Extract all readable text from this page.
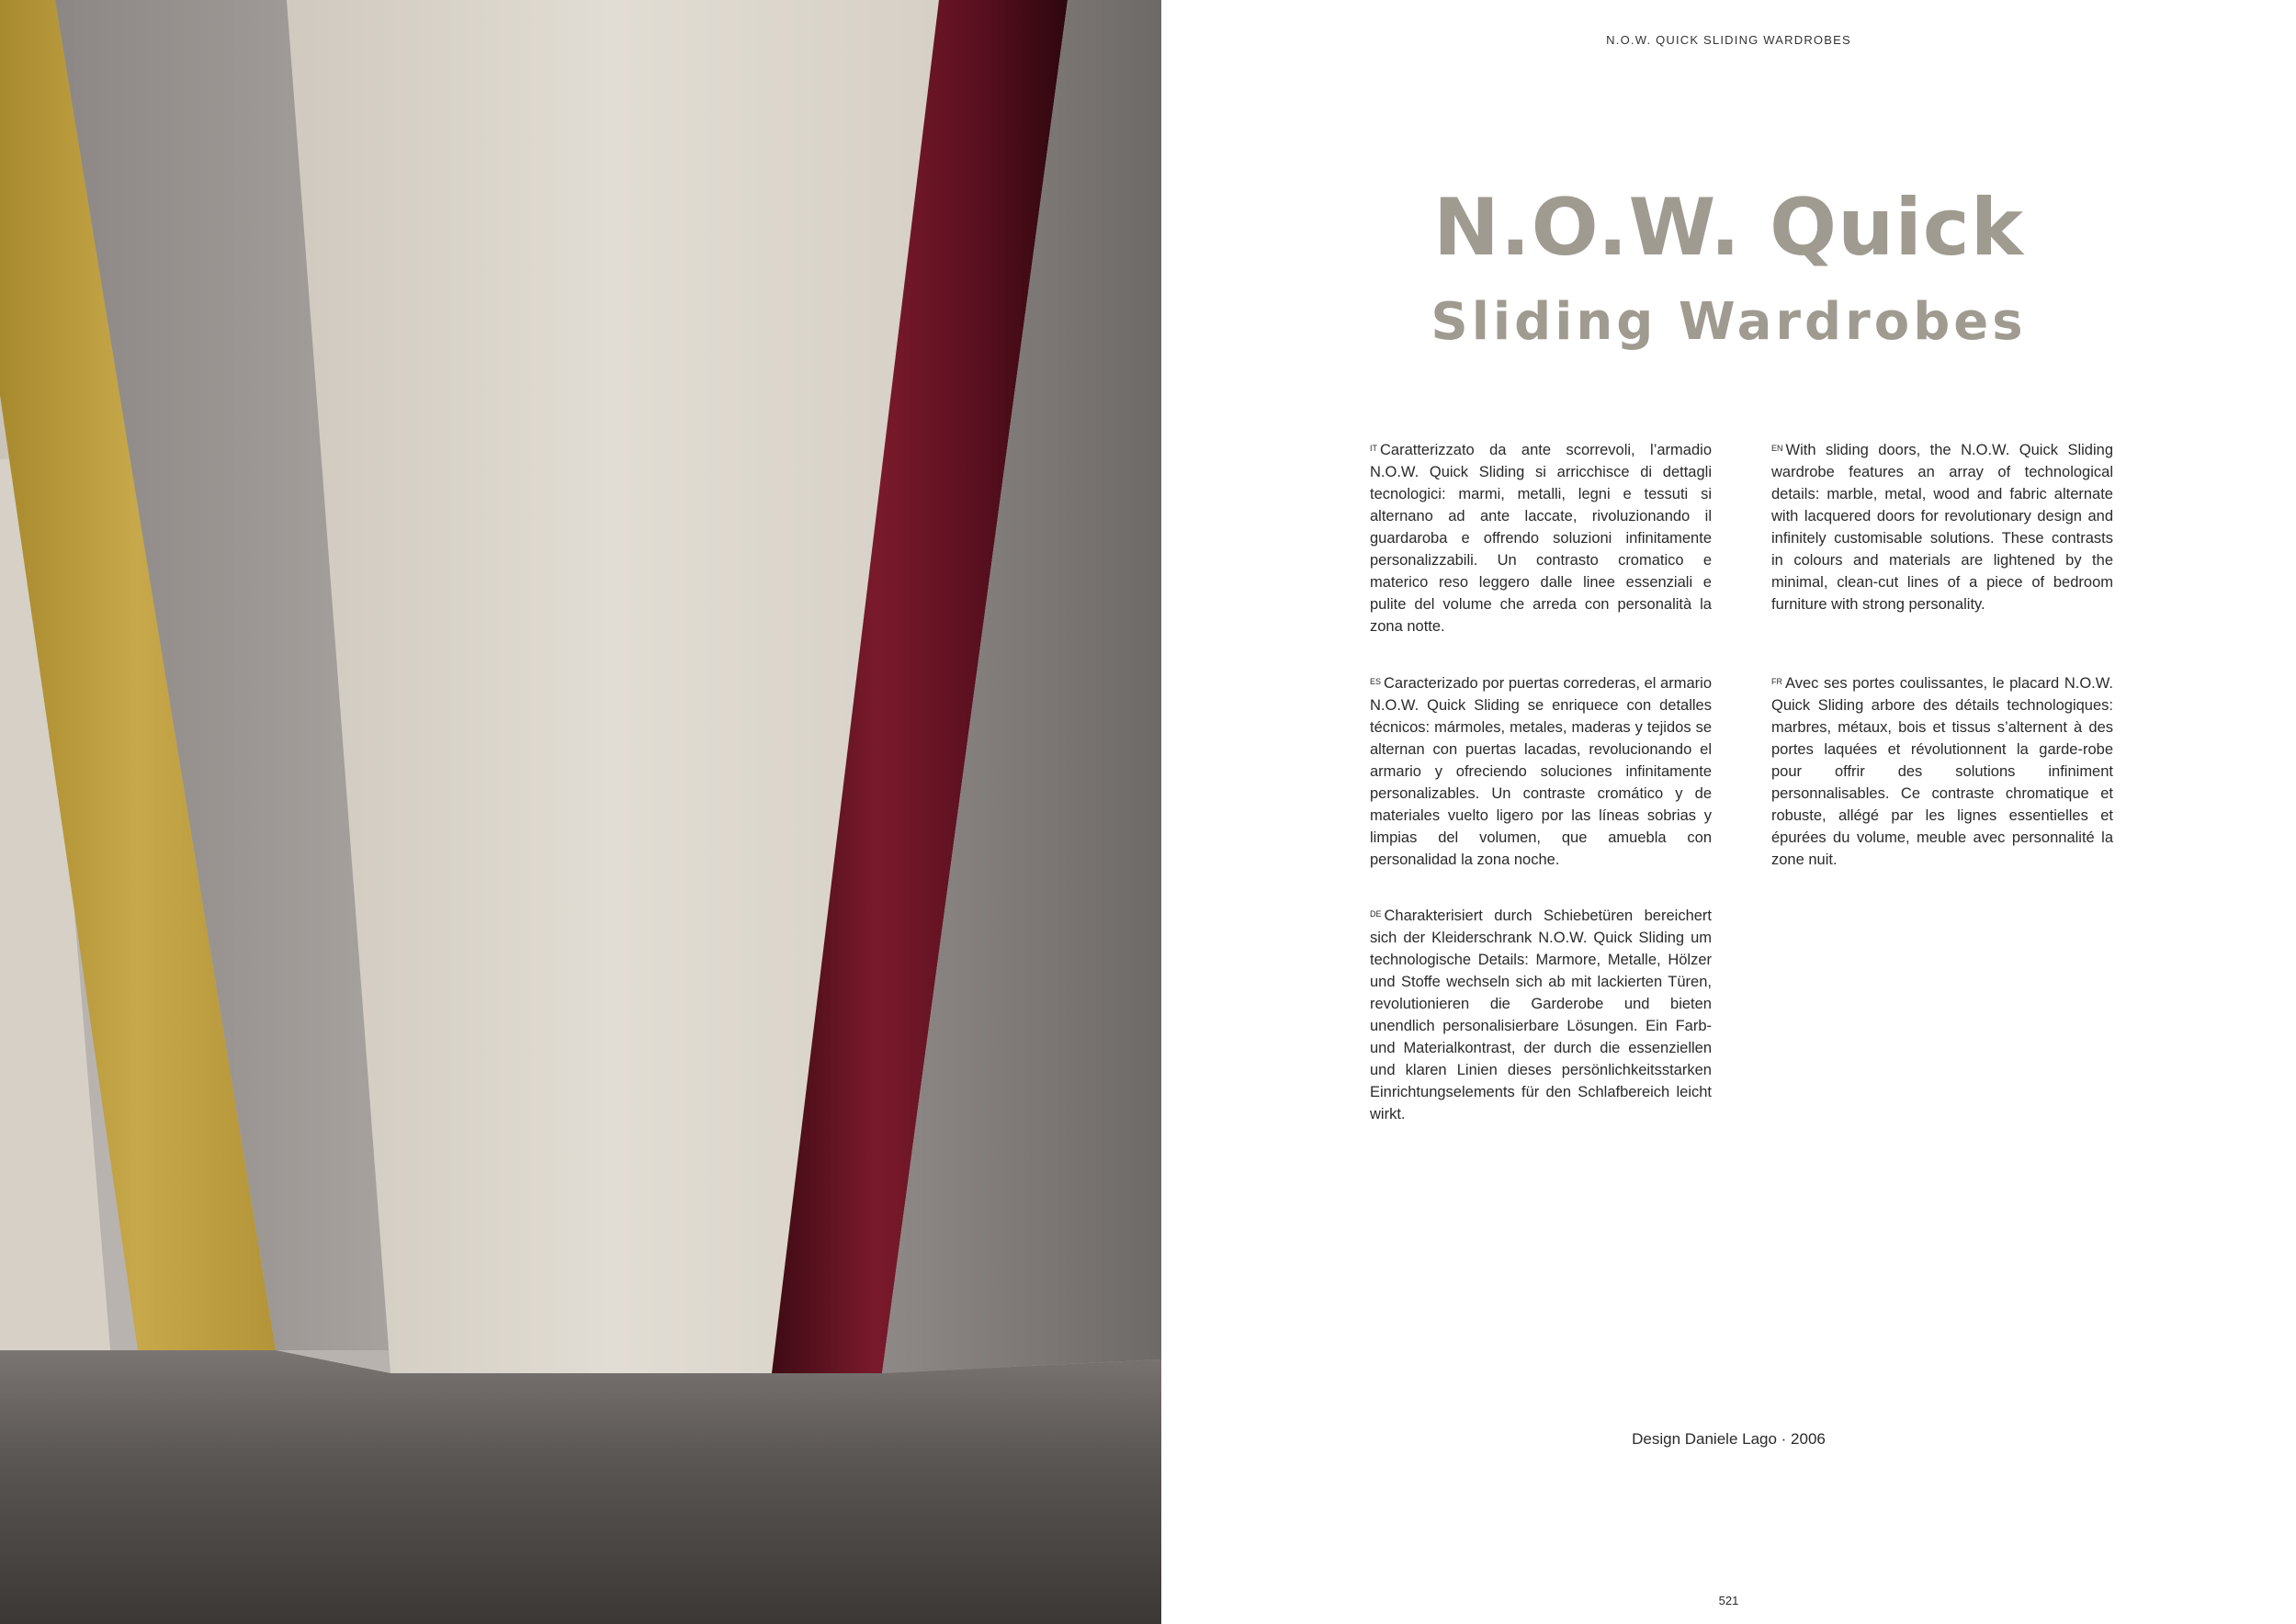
N.O.W. QUICK SLIDING WARDROBES
N.O.W. Quick
Sliding Wardrobes
$^{IT}$ Caratterizzato da ante scorrevoli, l’armadio N.O.W. Quick Sliding si arricchisce di dettagli tecnologici: marmi, metalli, legni e tessuti si alternano ad ante laccate, rivoluzionando il guardaroba e offrendo soluzioni infinitamente personalizzabili. Un contrasto cromatico e materico reso leggero dalle linee essenziali e pulite del volume che arreda con personalità la zona notte.
$^{EN}$ With sliding doors, the N.O.W. Quick Sliding wardrobe features an array of technological details: marble, metal, wood and fabric alternate with lacquered doors for revolutionary design and infinitely customisable solutions. These contrasts in colours and materials are lightened by the minimal, clean-cut lines of a piece of bedroom furniture with strong personality.
$^{ES}$ Caracterizado por puertas correderas, el armario N.O.W. Quick Sliding se enriquece con detalles técnicos: mármoles, metales, maderas y tejidos se alternan con puertas lacadas, revolucionando el armario y ofreciendo soluciones infinitamente personalizables. Un contraste cromático y de materiales vuelto ligero por las líneas sobrias y limpias del volumen, que amuebla con personalidad la zona noche.
$^{FR}$ Avec ses portes coulissantes, le placard N.O.W. Quick Sliding arbore des détails technologiques: marbres, métaux, bois et tissus s’alternent à des portes laquées et révolutionnent la garde-robe pour offrir des solutions infiniment personnalisables. Ce contraste chromatique et robuste, allégé par les lignes essentielles et épurées du volume, meuble avec personnalité la zone nuit.
$^{DE}$ Charakterisiert durch Schiebetüren bereichert sich der Kleiderschrank N.O.W. Quick Sliding um technologische Details: Marmore, Metalle, Hölzer und Stoffe wechseln sich ab mit lackierten Türen, revolutionieren die Garderobe und bieten unendlich personalisierbare Lösungen. Ein Farb- und Materialkontrast, der durch die essenziellen und klaren Linien dieses persönlichkeitsstarken Einrichtungselements für den Schlafbereich leicht wirkt.
Design Daniele Lago · 2006
521
